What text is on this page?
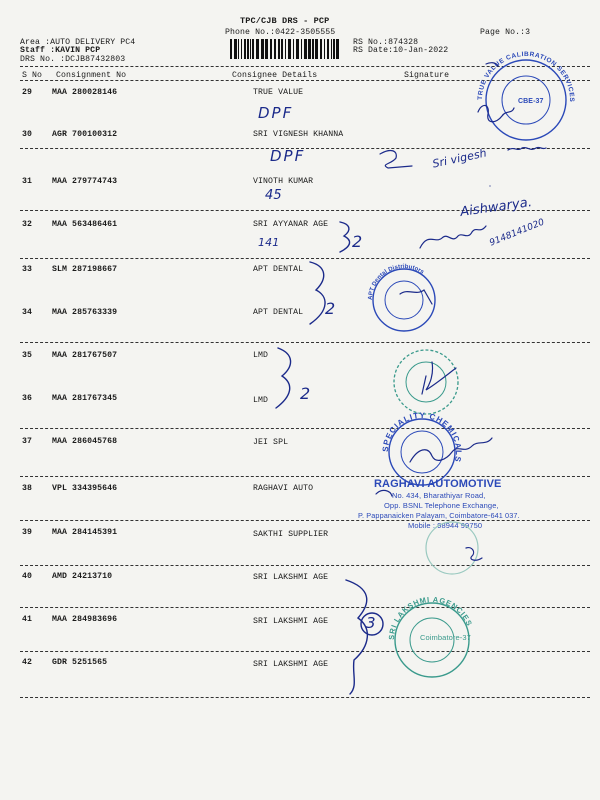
TPC/CJB DRS - PCP
Phone No.:0422-3505555	Page No.:3
Area :AUTO DELIVERY PC4
Staff :KAVIN PCP
DRS No. :DCJB87432803
RS No.:874328
RS Date:10-Jan-2022
S No Consignment No	Consignee Details	Signature
29 MAA 280028146	TRUE VALUE
30 AGR 700100312	SRI VIGNESH KHANNA
31 MAA 279774743	VINOTH KUMAR
32 MAA 563486461	SRI AYYANAR AGE
33 SLM 287198667	APT DENTAL
34 MAA 285763339	APT DENTAL
35 MAA 281767507	LMD
36 MAA 281767345	LMD
37 MAA 286045768	JEI SPL
38 VPL 334395646	RAGHAVI AUTO
39 MAA 284145391	SAKTHI SUPPLIER
40 AMD 24213710	SRI LAKSHMI AGE
41 MAA 284983696	SRI LAKSHMI AGE
42 GDR 5251565	SRI LAKSHMI AGE
DPF
DPF
45
141	2
2
2
3
Sri vigesh
Aishwarya.
9148141020
RAGHAVI AUTOMOTIVE
No. 434, Bharathiyar Road,
Opp. BSNL Telephone Exchange,
P. Pappanaicken Palayam, Coimbatore-641 037.
Mobile : 98944 99750
CBE-37
Coimbatore-37
TRUE VALUE CALIBRATION SERVICES
APT Dental Distributors
SPECIALITY CHEMICALS
SRI LAKSHMI AGENCIES
